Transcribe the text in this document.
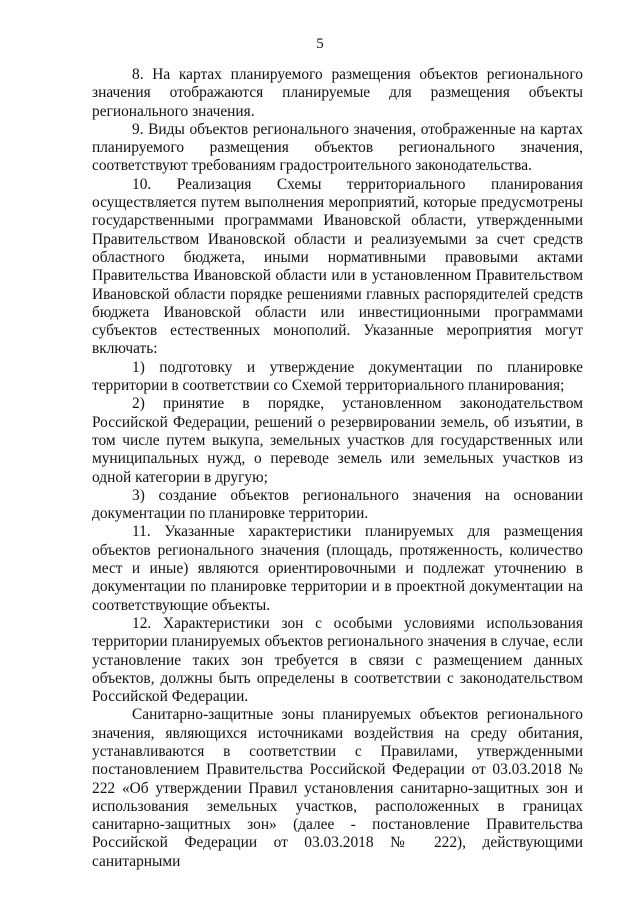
5

8. На картах планируемого размещения объектов регионального значения отображаются планируемые для размещения объекты регионального значения.

9. Виды объектов регионального значения, отображенные на картах планируемого размещения объектов регионального значения, соответствуют требованиям градостроительного законодательства.

10. Реализация Схемы территориального планирования осуществляется путем выполнения мероприятий, которые предусмотрены государственными программами Ивановской области, утвержденными Правительством Ивановской области и реализуемыми за счет средств областного бюджета, иными нормативными правовыми актами Правительства Ивановской области или в установленном Правительством Ивановской области порядке решениями главных распорядителей средств бюджета Ивановской области или инвестиционными программами субъектов естественных монополий. Указанные мероприятия могут включать:

1) подготовку и утверждение документации по планировке территории в соответствии со Схемой территориального планирования;

2) принятие в порядке, установленном законодательством Российской Федерации, решений о резервировании земель, об изъятии, в том числе путем выкупа, земельных участков для государственных или муниципальных нужд, о переводе земель или земельных участков из одной категории в другую;

3) создание объектов регионального значения на основании документации по планировке территории.

11. Указанные характеристики планируемых для размещения объектов регионального значения (площадь, протяженность, количество мест и иные) являются ориентировочными и подлежат уточнению в документации по планировке территории и в проектной документации на соответствующие объекты.

12. Характеристики зон с особыми условиями использования территории планируемых объектов регионального значения в случае, если установление таких зон требуется в связи с размещением данных объектов, должны быть определены в соответствии с законодательством Российской Федерации.

Санитарно-защитные зоны планируемых объектов регионального значения, являющихся источниками воздействия на среду обитания, устанавливаются в соответствии с Правилами, утвержденными постановлением Правительства Российской Федерации от 03.03.2018 № 222 «Об утверждении Правил установления санитарно-защитных зон и использования земельных участков, расположенных в границах санитарно-защитных зон» (далее - постановление Правительства Российской Федерации от 03.03.2018 № 222), действующими санитарными
